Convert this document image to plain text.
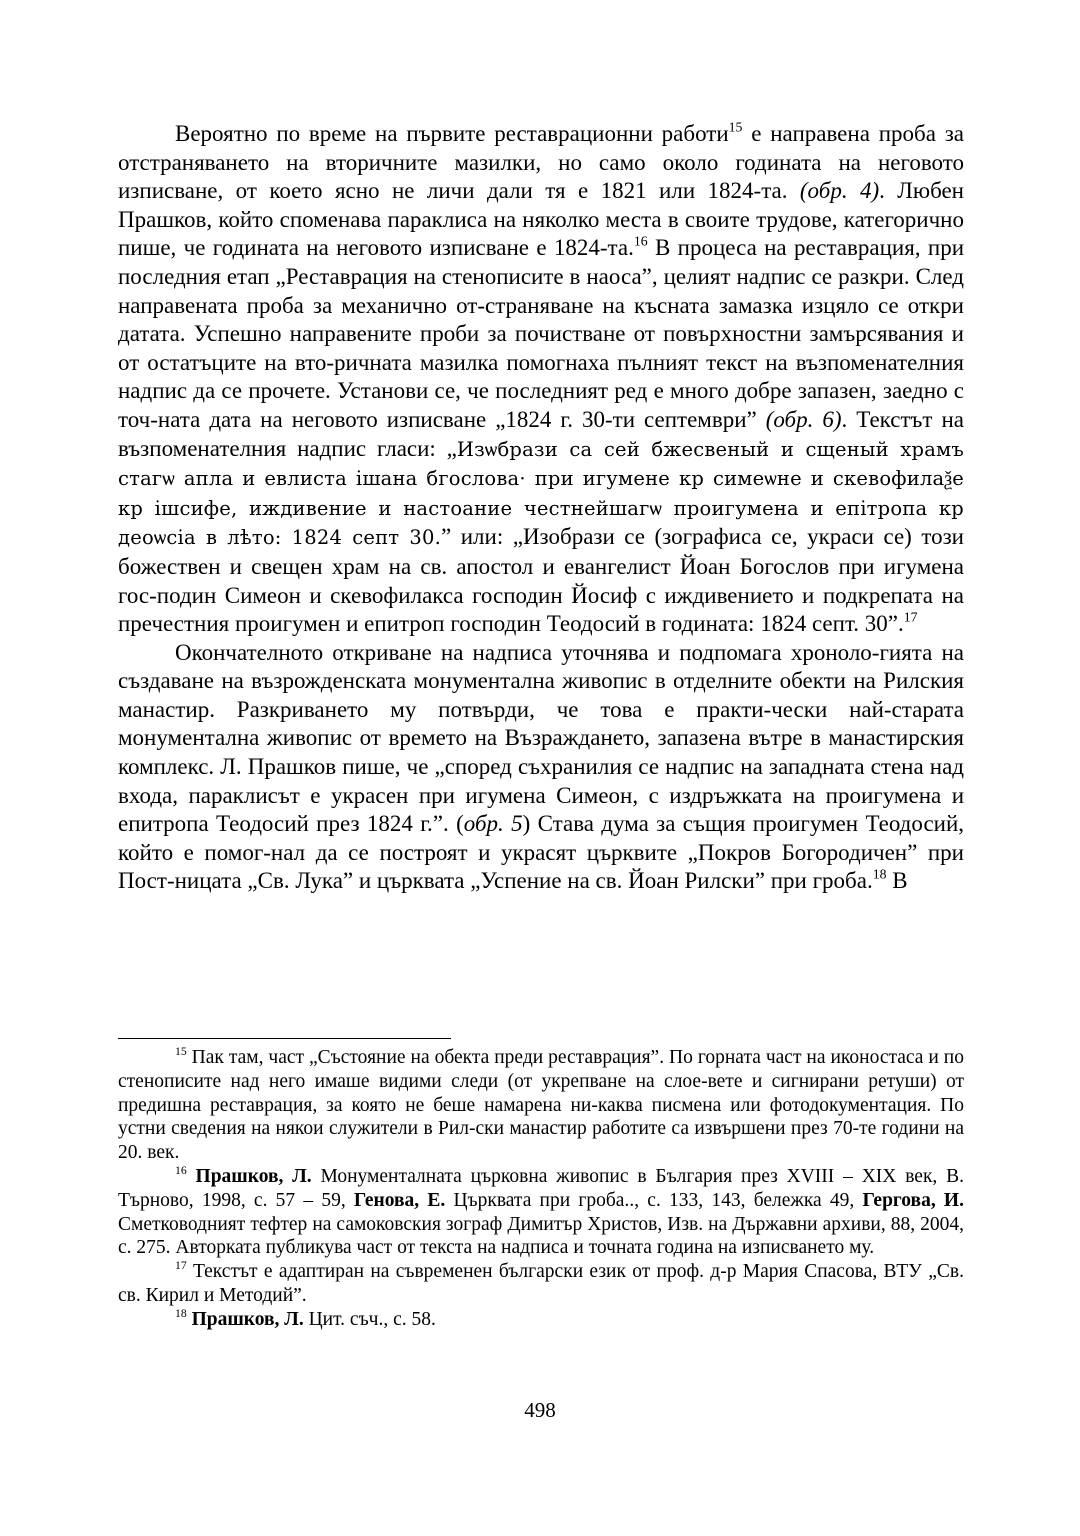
Вероятно по време на първите реставрационни работи$^{15}$ е направена проба за отстраняването на вторичните мазилки, но само около годината на неговото изписване, от което ясно не личи дали тя е 1821 или 1824-та. (обр. 4). Любен Прашков, който споменава параклиса на няколко места в своите трудове, категорично пише, че годината на неговото изписване е 1824-та.$^{16}$ В процеса на реставрация, при последния етап „Реставрация на стенописите в наоса”, целият надпис се разкри. След направената проба за механично от-страняване на късната замазка изцяло се откри датата. Успешно направените проби за почистване от повърхностни замърсявания и от остатъците на вто-ричната мазилка помогнаха пълният текст на възпоменателния надпис да се прочете. Установи се, че последният ред е много добре запазен, заедно с точ-ната дата на неговото изписване „1824 г. 30-ти септември” (обр. 6). Текстът на възпоменателния надпис гласи: „Изѡбрази са сей бжесвеный и сщеный храмъ стагѡ апла и евлиста ішана бгослова· при игумене кр симеѡне и скевофилаѯе кр ішсифе, иждивение и настоание честнейшагѡ проигумена и епітропа кр деоѡсіа в лѣто: 1824 септ 30.” или: „Изобрази се (зографиса се, украси се) този божествен и свещен храм на св. апостол и евангелист Йоан Богослов при игумена гос-подин Симеон и скевофилакса господин Йосиф с иждивението и подкрепата на пречестния проигумен и епитроп господин Теодосий в годината: 1824 септ. 30”.$^{17}$

Окончателното откриване на надписа уточнява и подпомага хроноло-гията на създаване на възрожденската монументална живопис в отделните обекти на Рилския манастир. Разкриването му потвърди, че това е практи-чески най-старата монументална живопис от времето на Възраждането, запазена вътре в манастирския комплекс. Л. Прашков пише, че „според съхранилия се надпис на западната стена над входа, параклисът е украсен при игумена Симеон, с издръжката на проигумена и епитропа Теодосий през 1824 г.”. (обр. 5) Става дума за същия проигумен Теодосий, който е помог-нал да се построят и украсят църквите „Покров Богородичен” при Пост-ницата „Св. Лука” и църквата „Успение на св. Йоан Рилски” при гроба.$^{18}$ В

$^{15}$ Пак там, част „Състояние на обекта преди реставрация”. По горната част на иконостаса и по стенописите над него имаше видими следи (от укрепване на слое-вете и сигнирани ретуши) от предишна реставрация, за която не беше намарена ни-каква писмена или фотодокументация. По устни сведения на някои служители в Рил-ски манастир работите са извършени през 70-те години на 20. век.

$^{16}$ Прашков, Л. Монументалната църковна живопис в България през XVIII – XIX век, В. Търново, 1998, с. 57 – 59, Генова, Е. Църквата при гроба.., с. 133, 143, бележка 49, Гергова, И. Сметководният тефтер на самоковския зограф Димитър Христов, Изв. на Държавни архиви, 88, 2004, с. 275. Авторката публикува част от текста на надписа и точната година на изписването му.

$^{17}$ Текстът е адаптиран на съвременен български език от проф. д-р Мария Спасова, ВТУ „Св. св. Кирил и Методий”.

$^{18}$ Прашков, Л. Цит. съч., с. 58.

498
